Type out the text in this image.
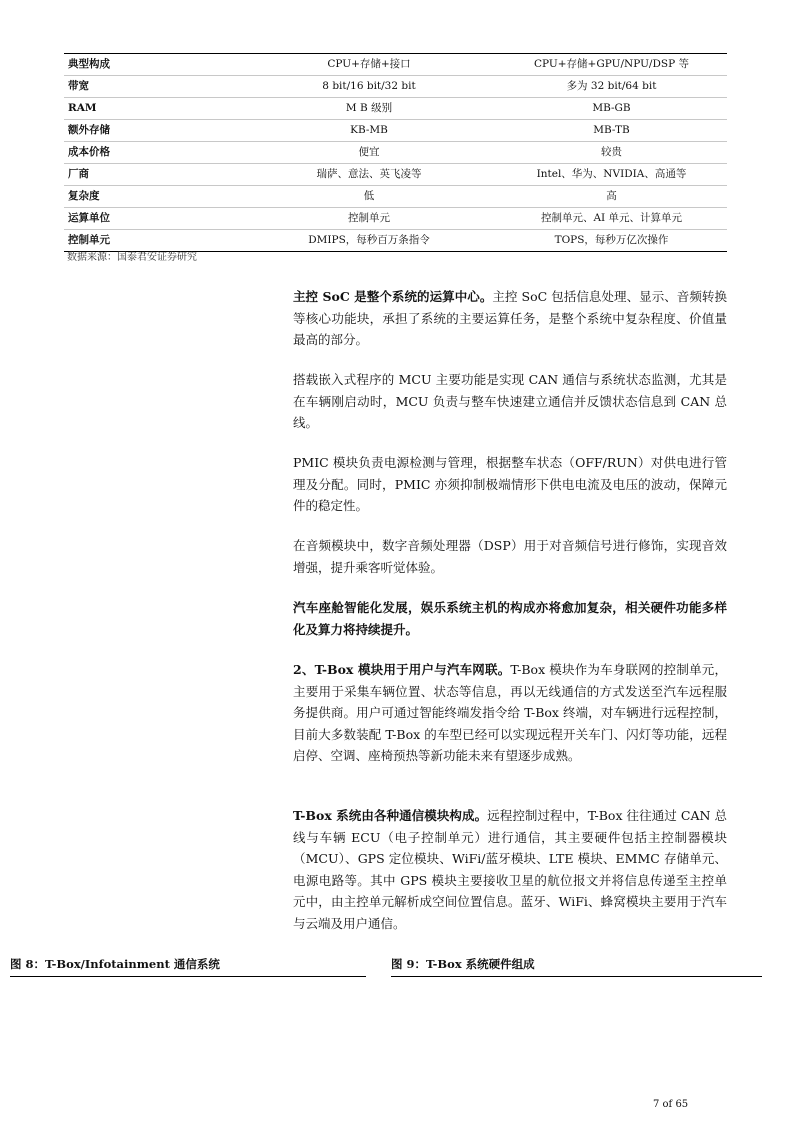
典型构成	CPU+存储+接口	CPU+存储+GPU/NPU/DSP 等
带宽	8 bit/16 bit/32 bit	多为 32 bit/64 bit
RAM	M B 级别	MB-GB
额外存储	KB-MB	MB-TB
成本价格	便宜	较贵
厂商	瑞萨、意法、英飞凌等	Intel、华为、NVIDIA、高通等
复杂度	低	高
运算单位	控制单元	控制单元、AI 单元、计算单元
控制单元	DMIPS，每秒百万条指令	TOPS，每秒万亿次操作
数据来源：国泰君安证券研究

主控 SoC 是整个系统的运算中心。主控 SoC 包括信息处理、显示、音频转换等核心功能块，承担了系统的主要运算任务，是整个系统中复杂程度、价值量最高的部分。

搭载嵌入式程序的 MCU 主要功能是实现 CAN 通信与系统状态监测，尤其是在车辆刚启动时，MCU 负责与整车快速建立通信并反馈状态信息到 CAN 总线。

PMIC 模块负责电源检测与管理，根据整车状态（OFF/RUN）对供电进行管理及分配。同时，PMIC 亦须抑制极端情形下供电电流及电压的波动，保障元件的稳定性。

在音频模块中，数字音频处理器（DSP）用于对音频信号进行修饰，实现音效增强，提升乘客听觉体验。

汽车座舱智能化发展，娱乐系统主机的构成亦将愈加复杂，相关硬件功能多样化及算力将持续提升。

2、T-Box 模块用于用户与汽车网联。T-Box 模块作为车身联网的控制单元，主要用于采集车辆位置、状态等信息，再以无线通信的方式发送至汽车远程服务提供商。用户可通过智能终端发指令给 T-Box 终端，对车辆进行远程控制，目前大多数装配 T-Box 的车型已经可以实现远程开关车门、闪灯等功能，远程启停、空调、座椅预热等新功能未来有望逐步成熟。

T-Box 系统由各种通信模块构成。远程控制过程中，T-Box 往往通过 CAN 总线与车辆 ECU（电子控制单元）进行通信，其主要硬件包括主控制器模块（MCU）、GPS 定位模块、WiFi/蓝牙模块、LTE 模块、EMMC 存储单元、电源电路等。其中 GPS 模块主要接收卫星的航位报文并将信息传递至主控单元中，由主控单元解析成空间位置信息。蓝牙、WiFi、蜂窝模块主要用于汽车与云端及用户通信。

图 8：T-Box/Infotainment 通信系统	图 9：T-Box 系统硬件组成
7 of 65
